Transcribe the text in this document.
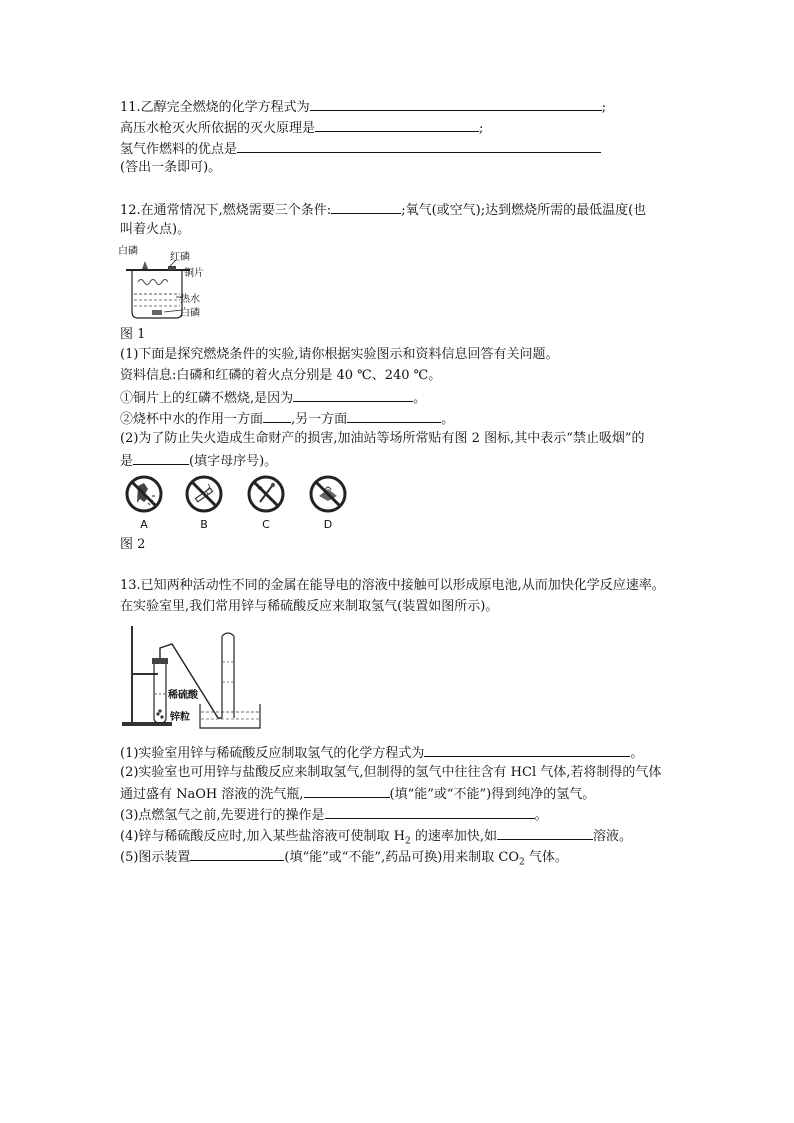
11.乙醇完全燃烧的化学方程式为	;
高压水枪灭火所依据的灭火原理是	;
氢气作燃料的优点是
(答出一条即可)。
12.在通常情况下,燃烧需要三个条件:	;氧气(或空气);达到燃烧所需的最低温度(也
叫着火点)。
白磷
红磷
铜片
热水
白磷
图 1
(1)下面是探究燃烧条件的实验,请你根据实验图示和资料信息回答有关问题。
资料信息:白磷和红磷的着火点分别是 40 ℃、240 ℃。
①铜片上的红磷不燃烧,是因为	。
②烧杯中水的作用一方面 ,另一方面	。
(2)为了防止失火造成生命财产的损害,加油站等场所常贴有图 2 图标,其中表示“禁止吸烟”的
是	(填字母序号)。
A	B	C	D
图 2
13.已知两种活动性不同的金属在能导电的溶液中接触可以形成原电池,从而加快化学反应速率。
在实验室里,我们常用锌与稀硫酸反应来制取氢气(装置如图所示)。
稀硫酸
锌粒
(1)实验室用锌与稀硫酸反应制取氢气的化学方程式为	。
(2)实验室也可用锌与盐酸反应来制取氢气,但制得的氢气中往往含有 HCl 气体,若将制得的气体
通过盛有 NaOH 溶液的洗气瓶,	(填“能”或“不能”)得到纯净的氢气。
(3)点燃氢气之前,先要进行的操作是	。
(4)锌与稀硫酸反应时,加入某些盐溶液可使制取 $H_2$ 的速率加快,如	溶液。
(5)图示装置	(填“能”或“不能”,药品可换)用来制取 $CO_2$ 气体。
